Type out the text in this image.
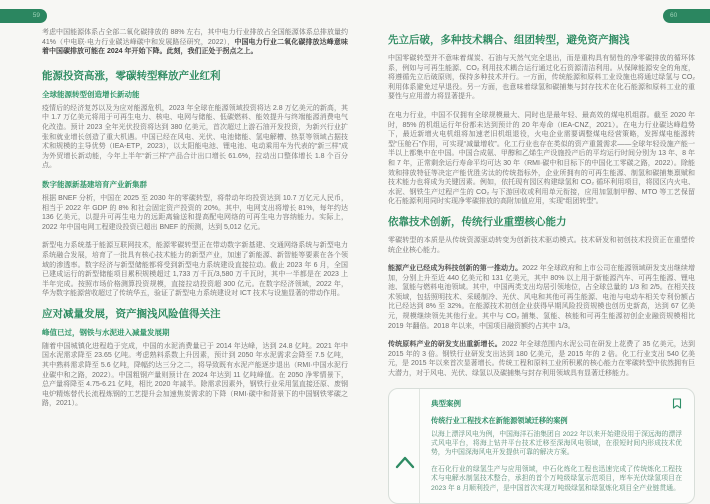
59

考虑中国能源体系占全部二氧化碳排放的 88% 左右，其中电力行业排放占全国能源体系总排放量约 41%（中电联·电力行业碳达峰碳中和发展路径研究，2022），中国电力行业二氧化碳排放达峰意味着中国碳排放可能在 2024 年开始下降。此刻，我们正处于拐点之上。

能源投资高涨，零碳转型释放产业红利
全球能源转型创造增长新动能

疫情后的经济复苏以及为应对能源危机，2023 年全球在能源领域投资将达 2.8 万亿美元的新高，其中 1.7 万亿美元将用于可再生电力、核电、电网与储能、低碳燃料、能效提升与终端能源消费电气化改造。预计 2023 全年光伏投资将达到 380 亿美元，首次超过上游石油开发投资，为新兴行业扩张和就业增长创造了重大机遇。中国已经在风电、光伏、电池储能、氢电解槽、热泵等领域占据技术和规模的主导优势（IEA-ETP，2023），以太阳能电池、锂电池、电动乘用车为代表的“新三样”成为外贸增长新动能，今年上半年“新三样”产品合计出口增长 61.6%，拉动出口整体增长 1.8 个百分点。

数字能源新基建培育产业新集群

根据 BNEF 分析，中国在 2025 至 2030 年的零碳转型，将带动年均投资达到 10.7 万亿元人民币，相当于 2022 年 GDP 的 8% 和社会固定资产投资的 20%。其中，电网支出将增长 81%，每年约达 136 亿美元，以提升可再生电力的远距离输送和提高配电网络的可再生电力容纳能力。实际上，2022 年中国电网工程建设投资已超出 BNEF 的预测，达到 5,012 亿元。

新型电力系统基于能源互联网技术，能源零碳转型正在带动数字新基建、交通网络系统与新型电力系统融合发展，培育了一批具有核心技术能力的新型产业，加速了新能源、新智能等要素在各个领域的渗透率。数字经济与新型储能都将受到新型电力系统建设直接拉动。截止 2023 年 6 月，全国已建成运行的新型储能项目累积规模超过 1,733 万千瓦/3,580 万千瓦时，其中一半都是在 2023 上半年完成。按照市场价格测算投资规模，直接拉动投资超 300 亿元。在数字经济领域，2022 年，华为数字能源营收超过了传统华五，验证了新型电力系统建设对 ICT 技术与设施显著的带动作用。

应对减量发展，资产搁浅风险值得关注
峰值已过，钢铁与水泥进入减量发展期

随着中国城镇化进程趋于完成，中国的水泥消费量已于 2014 年达峰，达到 24.8 亿吨。2021 年中国水泥需求降至 23.65 亿吨。考虑熟料系数上升因素，预计到 2050 年水泥需求会降至 7.5 亿吨，其中熟料需求降至 5.6 亿吨，降幅约达三分之二，将导致既有水泥产能逐步退出（RMI·中国水泥行业碳中和之路，2022）。中国粗钢产量则预计在 2024 年达到 11 亿吨峰值。在 2050 净零情景下，总产量将降至 4.75-6.21 亿吨，相比 2020 年减半。除需求因素外，钢铁行业采用氢直接还原、废钢电炉精炼替代长流程炼钢的工艺提升会加速焦炭需求的下降（RMI·碳中和背景下的中国钢铁零碳之路，2021）。

60
先立后破，多种技术耦合、组团转型，避免资产搁浅

中国零碳转型并不意味着煤炭、石油与天然气完全退出，而是重构具有韧性的净零碳排放的循环体系，例如与可再生能源、CO₂ 利用技术耦合运行通过化石资源清洁利用。从保障能源安全的角度，将遵循先立后破原则，保持多种技术并行。一方面，传统能源和原料工业设施也将通过绿氢与 CO₂ 利用体系避免过早退役。另一方面，也意味着绿氢和碳捕集与封存技术在化石能源和原料工业的重要性与应用潜力将显著提升。

在电力行业，中国不仅拥有全球规模最大、同时也是最年轻、最高效的煤电机组群。截至 2020 年时，85% 的机组运行年份都未达到预计的 20 年寿命（IEA-CNZ，2021）。在电力行业碳达峰趋势下，最近新增火电机组将加速老旧机组退役，火电企业需要调整煤电经营策略，发挥煤电能源转型“压舱石”作用，可实现“减量增收”。化工行业也存在类似的资产重置需求——全球年轻设施产能一半以上都集中在中国。中国合成氨、甲醇和乙烯生产设施投产后的平均运行时间分别为 13 年、8 年和 7 年，正常剩余运行寿命平均可达 30 年（RMI·碳中和目标下的中国化工零碳之路，2022）。除能效和排放特征等决定产能优胜劣汰的传统指标外，企业所拥有的可再生能源、制氢和碳捕集禀赋和技术能力也将成为关键因素。例如，依托现有园区构建绿氢和 CO₂ 循环利用项目，将园区内火电、水泥、钢铁生产过程产生的 CO₂ 与下游回收或利用单元衔接，应用加氢制甲醇、MTO 等工艺保留化石能源利用同时实现净零碳排放的高附加值应用，实现“组团转型”。

依靠技术创新，传统行业重塑核心能力

零碳转型的本质是从传统资源驱动转变为创新技术驱动模式。技术研发和初创技术投资正在重塑传统企业核心能力。

能源产业已经成为科技创新的第一推动力。2022 年全球政府和上市公司在能源领域研发支出继续增加，分别上升至近 440 亿美元和 131 亿美元，其中 80% 以上用于新能源汽车、可再生能源、锂电池、氢能与燃料电池领域。其中，中国两类支出均居引领地位，占全球总量的 1/3 和 2/5。在相关技术领域，包括照明技术、采暖制冷、光伏、风电和其他可再生能源、电池与电动车相关专利份额占比已经达到 8% 至 32%。在能源技术初创企业获得早期风险投资规模也创历史新高，达到 67 亿美元，规模继续领先其他行业。其中与 CO₂ 捕集、氢能、核能和可再生能源初创企业融资规模相比 2019 年翻倍。2018 年以来，中国项目融资额约占其中 1/3。

传统原料产业的研发支出重新增长。2022 年全球范围内水泥公司在研发上花费了 35 亿美元，达到 2015 年的 3 倍。钢铁行业研发支出达到 180 亿美元，是 2015 年的 2 倍。化工行业支出 540 亿美元，是 2015 年以来首次显著增长。传统工程和原料工业所积累的核心能力在零碳转型中依然拥有巨大潜力，对于风电、光伏、绿氢以及碳捕集与封存利用领域具有显著迁移能力。

典型案例
传统行业工程技术在新能源领域迁移的案例

以海上漂浮风电为例，中国海洋石油集团自 2022 年以来开始建设用于深远海的漂浮式风电平台，将海上钻井平台技术迁移至深海风电领域，在很短时间内形成技术优势，为中国深海风电开发提供可靠的解决方案。

在石化行业的绿氢生产与应用领域，中石化炼化工程也迅速完成了传统炼化工程技术与电解水制氢技术整合，承担的首个万吨级绿氢示范项目，库车光伏绿氢项目在 2023 年 8 月顺利投产，是中国首次实现万吨级绿氢和绿氢炼化项目全产业链贯通。
